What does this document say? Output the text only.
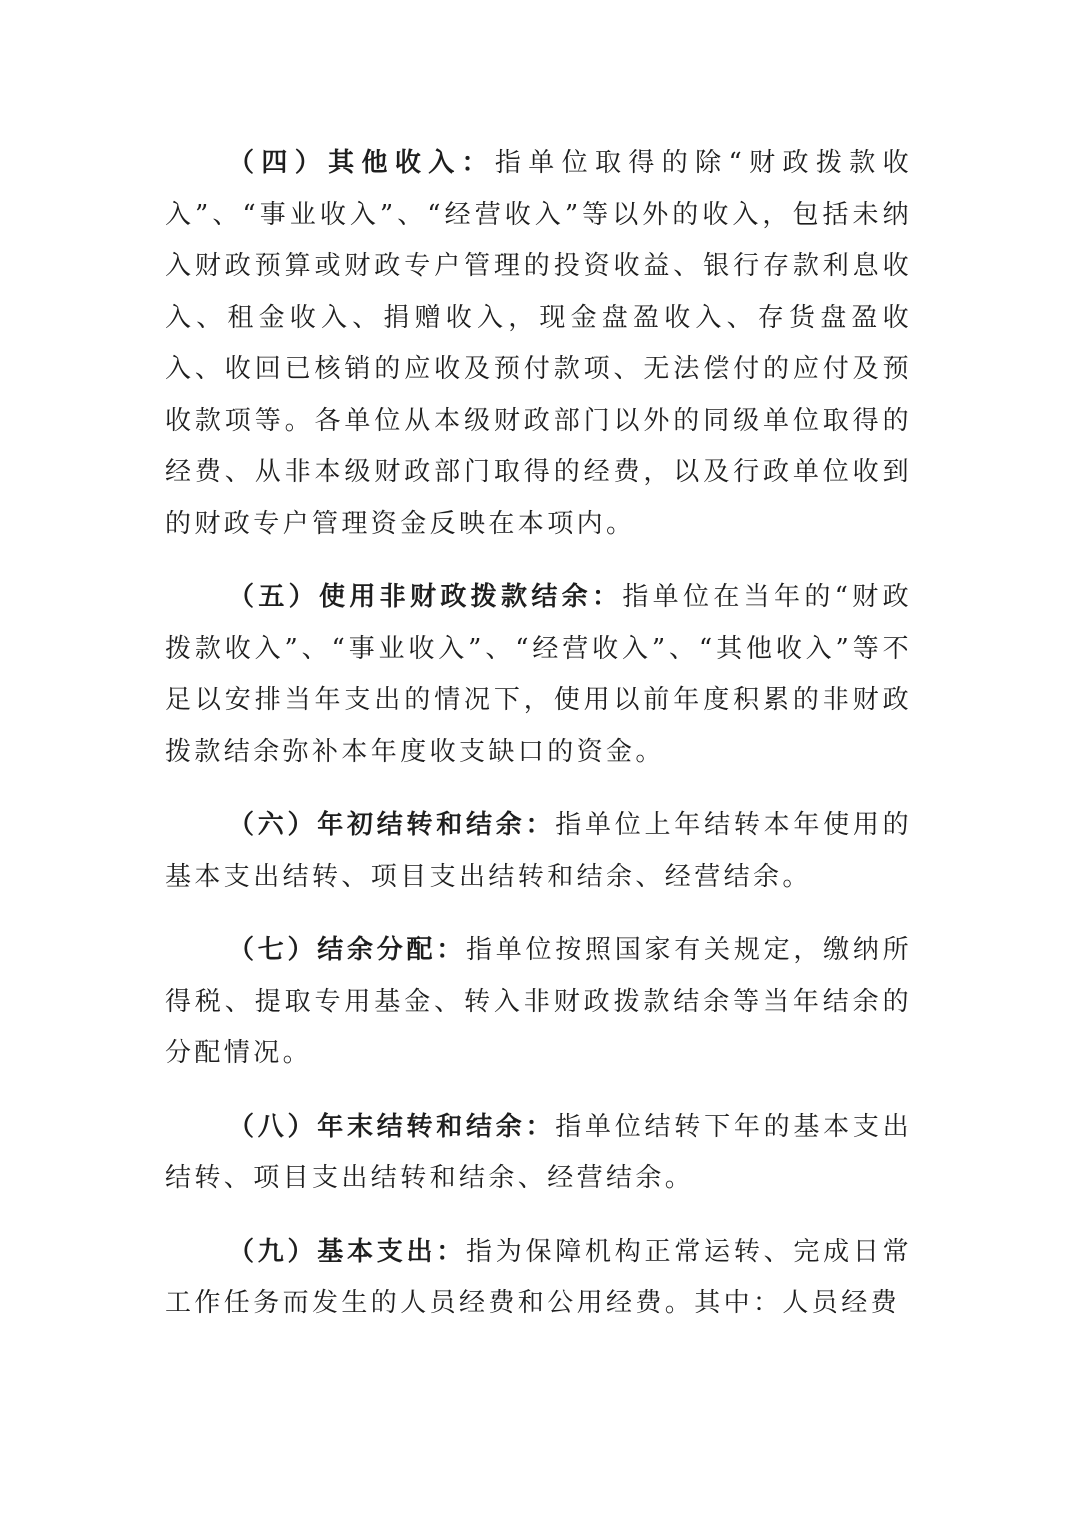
（四）其他收入：指单位取得的除“财政拨款收入”、“事业收入”、“经营收入”等以外的收入，包括未纳入财政预算或财政专户管理的投资收益、银行存款利息收入、租金收入、捐赠收入，现金盘盈收入、存货盘盈收入、收回已核销的应收及预付款项、无法偿付的应付及预收款项等。各单位从本级财政部门以外的同级单位取得的经费、从非本级财政部门取得的经费，以及行政单位收到的财政专户管理资金反映在本项内。

（五）使用非财政拨款结余：指单位在当年的“财政拨款收入”、“事业收入”、“经营收入”、“其他收入”等不足以安排当年支出的情况下，使用以前年度积累的非财政拨款结余弥补本年度收支缺口的资金。

（六）年初结转和结余：指单位上年结转本年使用的基本支出结转、项目支出结转和结余、经营结余。

（七）结余分配：指单位按照国家有关规定，缴纳所得税、提取专用基金、转入非财政拨款结余等当年结余的分配情况。

（八）年末结转和结余：指单位结转下年的基本支出结转、项目支出结转和结余、经营结余。

（九）基本支出：指为保障机构正常运转、完成日常工作任务而发生的人员经费和公用经费。其中：人员经费
